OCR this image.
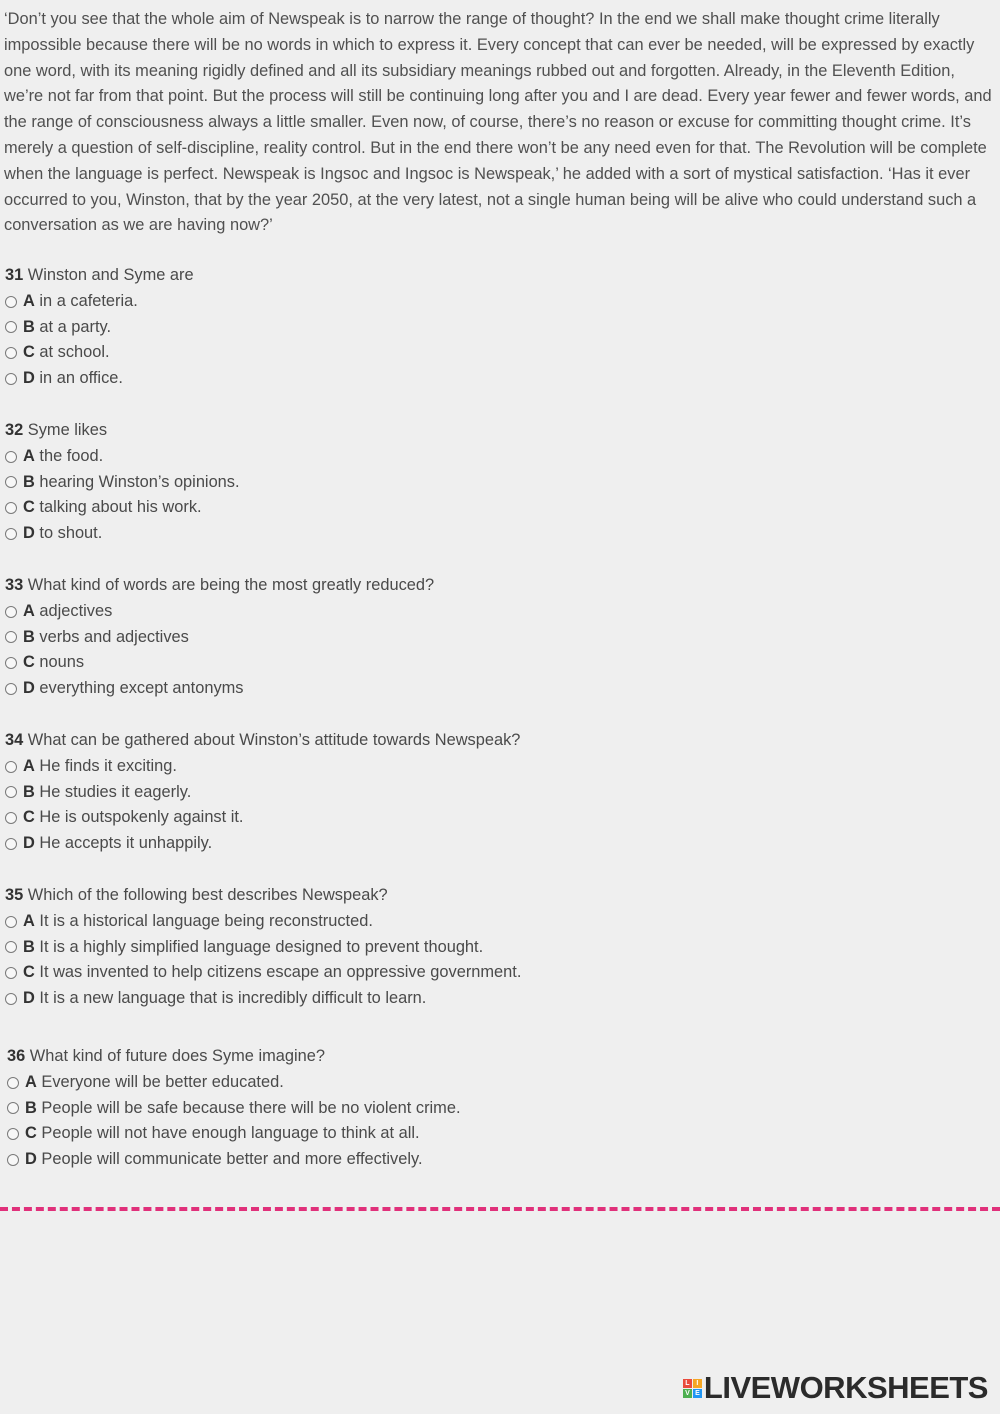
‘Don’t you see that the whole aim of Newspeak is to narrow the range of thought? In the end we shall make thought crime literally impossible because there will be no words in which to express it. Every concept that can ever be needed, will be expressed by exactly one word, with its meaning rigidly defined and all its subsidiary meanings rubbed out and forgotten. Already, in the Eleventh Edition, we’re not far from that point. But the process will still be continuing long after you and I are dead. Every year fewer and fewer words, and the range of consciousness always a little smaller. Even now, of course, there’s no reason or excuse for committing thought crime. It’s merely a question of self-discipline, reality control. But in the end there won’t be any need even for that. The Revolution will be complete when the language is perfect. Newspeak is Ingsoc and Ingsoc is Newspeak,’ he added with a sort of mystical satisfaction. ‘Has it ever occurred to you, Winston, that by the year 2050, at the very latest, not a single human being will be alive who could understand such a conversation as we are having now?’

31 Winston and Syme are

A
in a cafeteria.
B
at a party.
C
at school.
D
in an office.

32 Syme likes

A
the food.
B
hearing Winston’s opinions.
C
talking about his work.
D
to shout.

33 What kind of words are being the most greatly reduced?

A
adjectives
B
verbs and adjectives
C
nouns
D
everything except antonyms

34 What can be gathered about Winston’s attitude towards Newspeak?

A
He finds it exciting.
B
He studies it eagerly.
C
He is outspokenly against it.
D
He accepts it unhappily.

35 Which of the following best describes Newspeak?

A
It is a historical language being reconstructed.
B
It is a highly simplified language designed to prevent thought.
C
It was invented to help citizens escape an oppressive government.
D
It is a new language that is incredibly difficult to learn.

36 What kind of future does Syme imagine?

A
Everyone will be better educated.
B
People will be safe because there will be no violent crime.
C
People will not have enough language to think at all.
D
People will communicate better and more effectively.
L I
V E LIVEWORKSHEETS
